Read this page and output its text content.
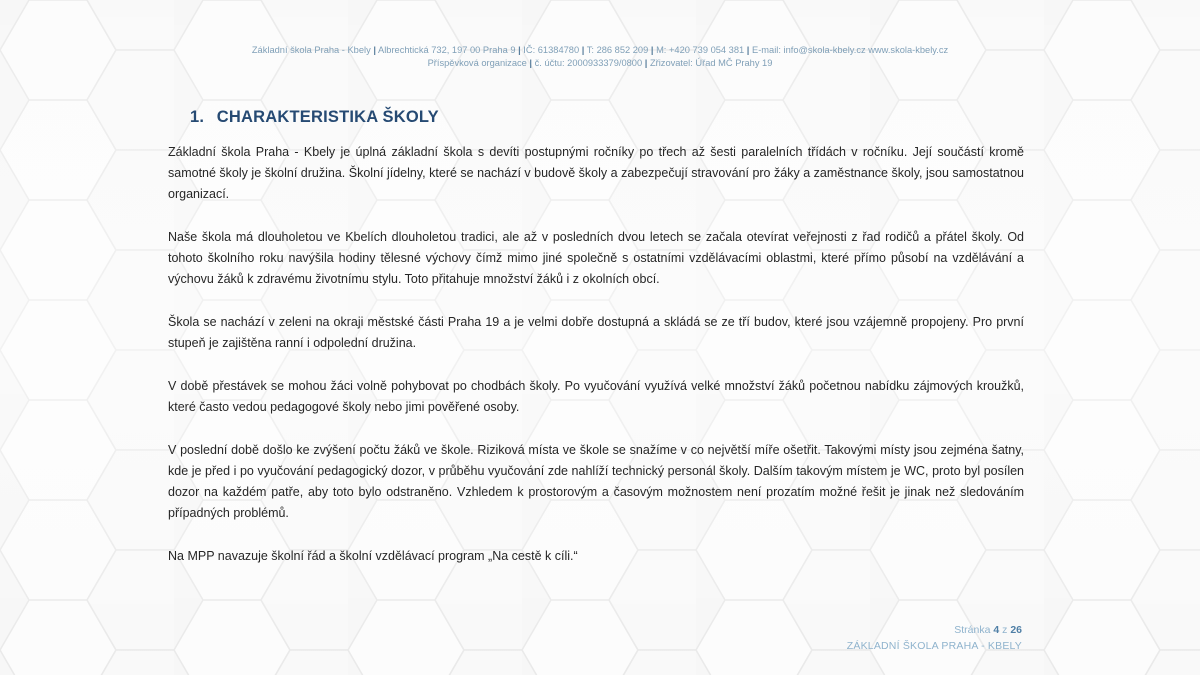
Základní škola Praha - Kbely | Albrechtická 732, 197 00 Praha 9 | IČ: 61384780 | T: 286 852 209 | M: +420 739 054 381 | E-mail: info@skola-kbely.cz www.skola-kbely.cz
Příspěvková organizace | č. účtu: 2000933379/0800 | Zřizovatel: Úřad MČ Prahy 19
1. CHARAKTERISTIKA ŠKOLY

Základní škola Praha - Kbely je úplná základní škola s devíti postupnými ročníky po třech až šesti paralelních třídách v ročníku. Její součástí kromě samotné školy je školní družina. Školní jídelny, které se nachází v budově školy a zabezpečují stravování pro žáky a zaměstnance školy, jsou samostatnou organizací.

Naše škola má dlouholetou ve Kbelích dlouholetou tradici, ale až v posledních dvou letech se začala otevírat veřejnosti z řad rodičů a přátel školy. Od tohoto školního roku navýšila hodiny tělesné výchovy čímž mimo jiné společně s ostatními vzdělávacími oblastmi, které přímo působí na vzdělávání a výchovu žáků k zdravému životnímu stylu. Toto přitahuje množství žáků i z okolních obcí.

Škola se nachází v zeleni na okraji městské části Praha 19 a je velmi dobře dostupná a skládá se ze tří budov, které jsou vzájemně propojeny. Pro první stupeň je zajištěna ranní i odpolední družina.

V době přestávek se mohou žáci volně pohybovat po chodbách školy. Po vyučování využívá velké množství žáků početnou nabídku zájmových kroužků, které často vedou pedagogové školy nebo jimi pověřené osoby.

V poslední době došlo ke zvýšení počtu žáků ve škole. Riziková místa ve škole se snažíme v co největší míře ošetřit. Takovými místy jsou zejména šatny, kde je před i po vyučování pedagogický dozor, v průběhu vyučování zde nahlíží technický personál školy. Dalším takovým místem je WC, proto byl posílen dozor na každém patře, aby toto bylo odstraněno. Vzhledem k prostorovým a časovým možnostem není prozatím možné řešit je jinak než sledováním případných problémů.

Na MPP navazuje školní řád a školní vzdělávací program „Na cestě k cíli.“

Stránka 4 z 26
ZÁKLADNÍ ŠKOLA PRAHA - KBELY
